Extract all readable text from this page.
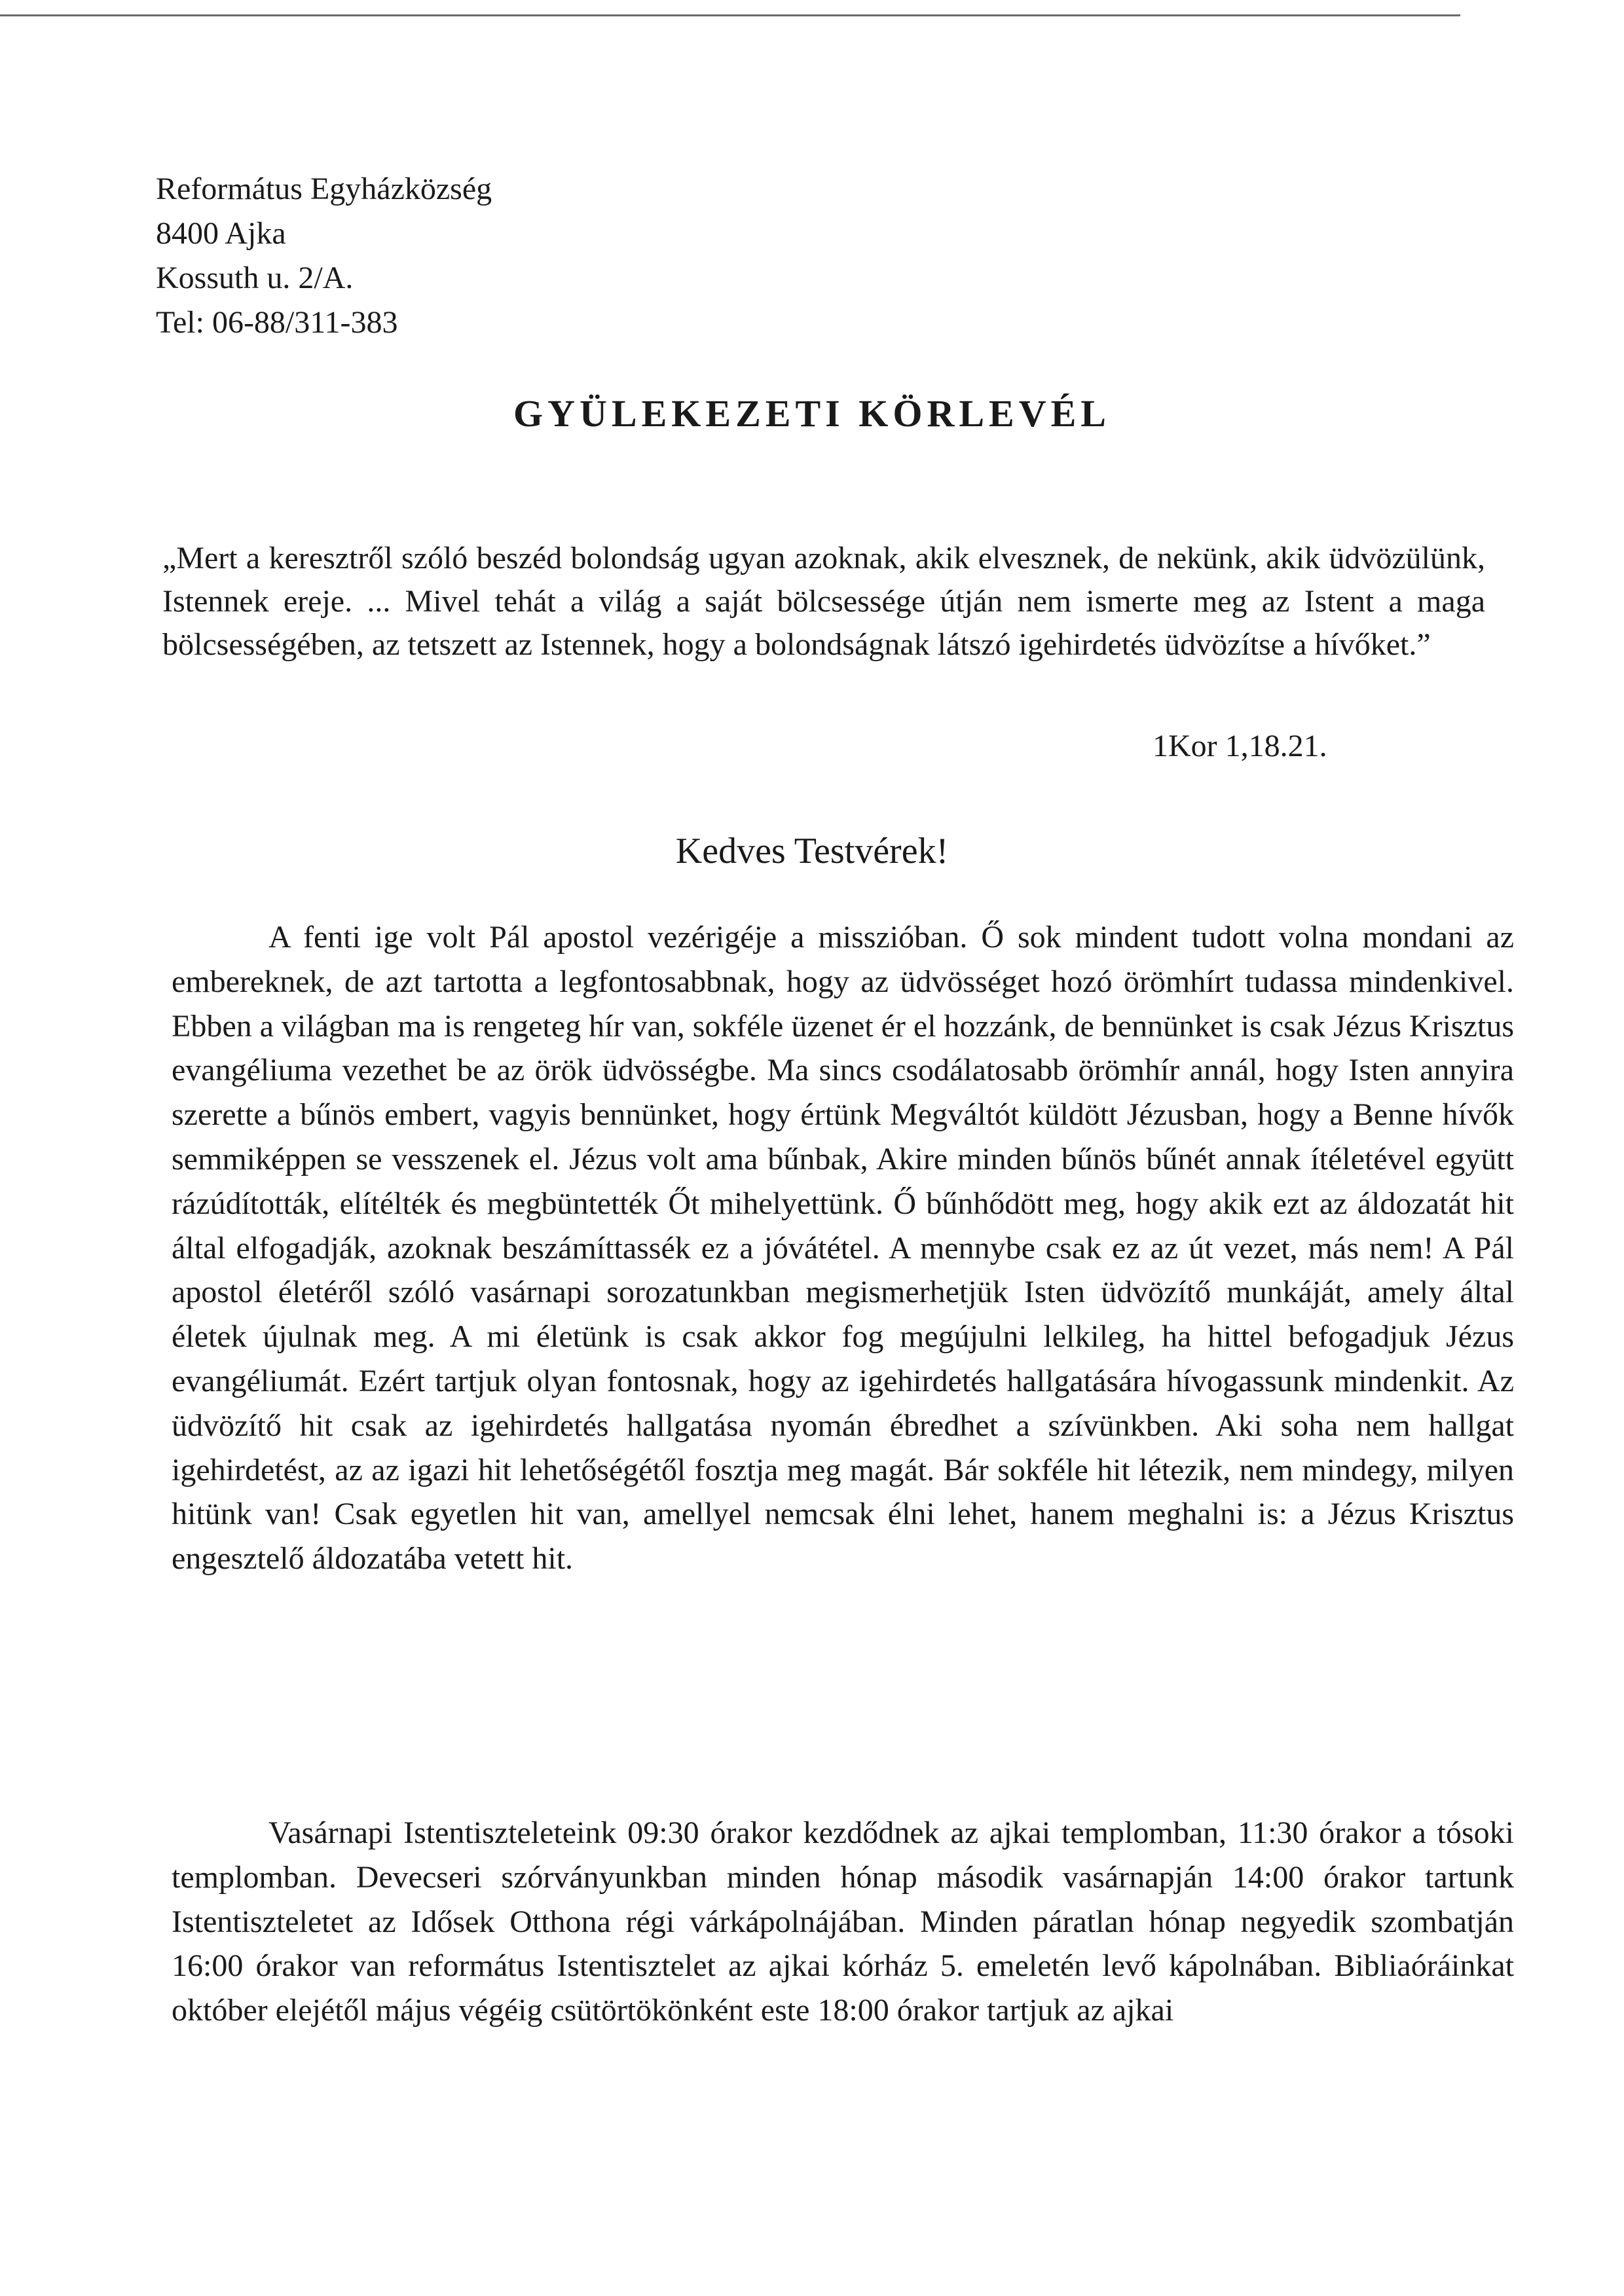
Református Egyházközség
8400 Ajka
Kossuth u. 2/A.
Tel: 06-88/311-383
GYÜLEKEZETI KÖRLEVÉL
„Mert a keresztről szóló beszéd bolondság ugyan azoknak, akik elvesznek, de nekünk, akik üdvözülünk, Istennek ereje. ... Mivel tehát a világ a saját bölcsessége útján nem ismerte meg az Istent a maga bölcsességében, az tetszett az Istennek, hogy a bolondságnak látszó igehirdetés üdvözítse a hívőket.”
1Kor 1,18.21.
Kedves Testvérek!
A fenti ige volt Pál apostol vezérigéje a misszióban. Ő sok mindent tudott volna mondani az embereknek, de azt tartotta a legfontosabbnak, hogy az üdvösséget hozó örömhírt tudassa mindenkivel. Ebben a világban ma is rengeteg hír van, sokféle üzenet ér el hozzánk, de bennünket is csak Jézus Krisztus evangéliuma vezethet be az örök üdvösségbe. Ma sincs csodálatosabb örömhír annál, hogy Isten annyira szerette a bűnös embert, vagyis bennünket, hogy értünk Megváltót küldött Jézusban, hogy a Benne hívők semmiképpen se vesszenek el. Jézus volt ama bűnbak, Akire minden bűnös bűnét annak ítéletével együtt rázúdították, elítélték és megbüntették Őt mihelyettünk. Ő bűnhődött meg, hogy akik ezt az áldozatát hit által elfogadják, azoknak beszámíttassék ez a jóvátétel. A mennybe csak ez az út vezet, más nem! A Pál apostol életéről szóló vasárnapi sorozatunkban megismerhetjük Isten üdvözítő munkáját, amely által életek újulnak meg. A mi életünk is csak akkor fog megújulni lelkileg, ha hittel befogadjuk Jézus evangéliumát. Ezért tartjuk olyan fontosnak, hogy az igehirdetés hallgatására hívogassunk mindenkit. Az üdvözítő hit csak az igehirdetés hallgatása nyomán ébredhet a szívünkben. Aki soha nem hallgat igehirdetést, az az igazi hit lehetőségétől fosztja meg magát. Bár sokféle hit létezik, nem mindegy, milyen hitünk van! Csak egyetlen hit van, amellyel nemcsak élni lehet, hanem meghalni is: a Jézus Krisztus engesztelő áldozatába vetett hit.
Vasárnapi Istentiszteleteink 09:30 órakor kezdődnek az ajkai templomban, 11:30 órakor a tósoki templomban. Devecseri szórványunkban minden hónap második vasárnapján 14:00 órakor tartunk Istentiszteletet az Idősek Otthona régi várkápolnájában. Minden páratlan hónap negyedik szombatján 16:00 órakor van református Istentisztelet az ajkai kórház 5. emeletén levő kápolnában. Bibliaóráinkat október elejétől május végéig csütörtökönként este 18:00 órakor tartjuk az ajkai
